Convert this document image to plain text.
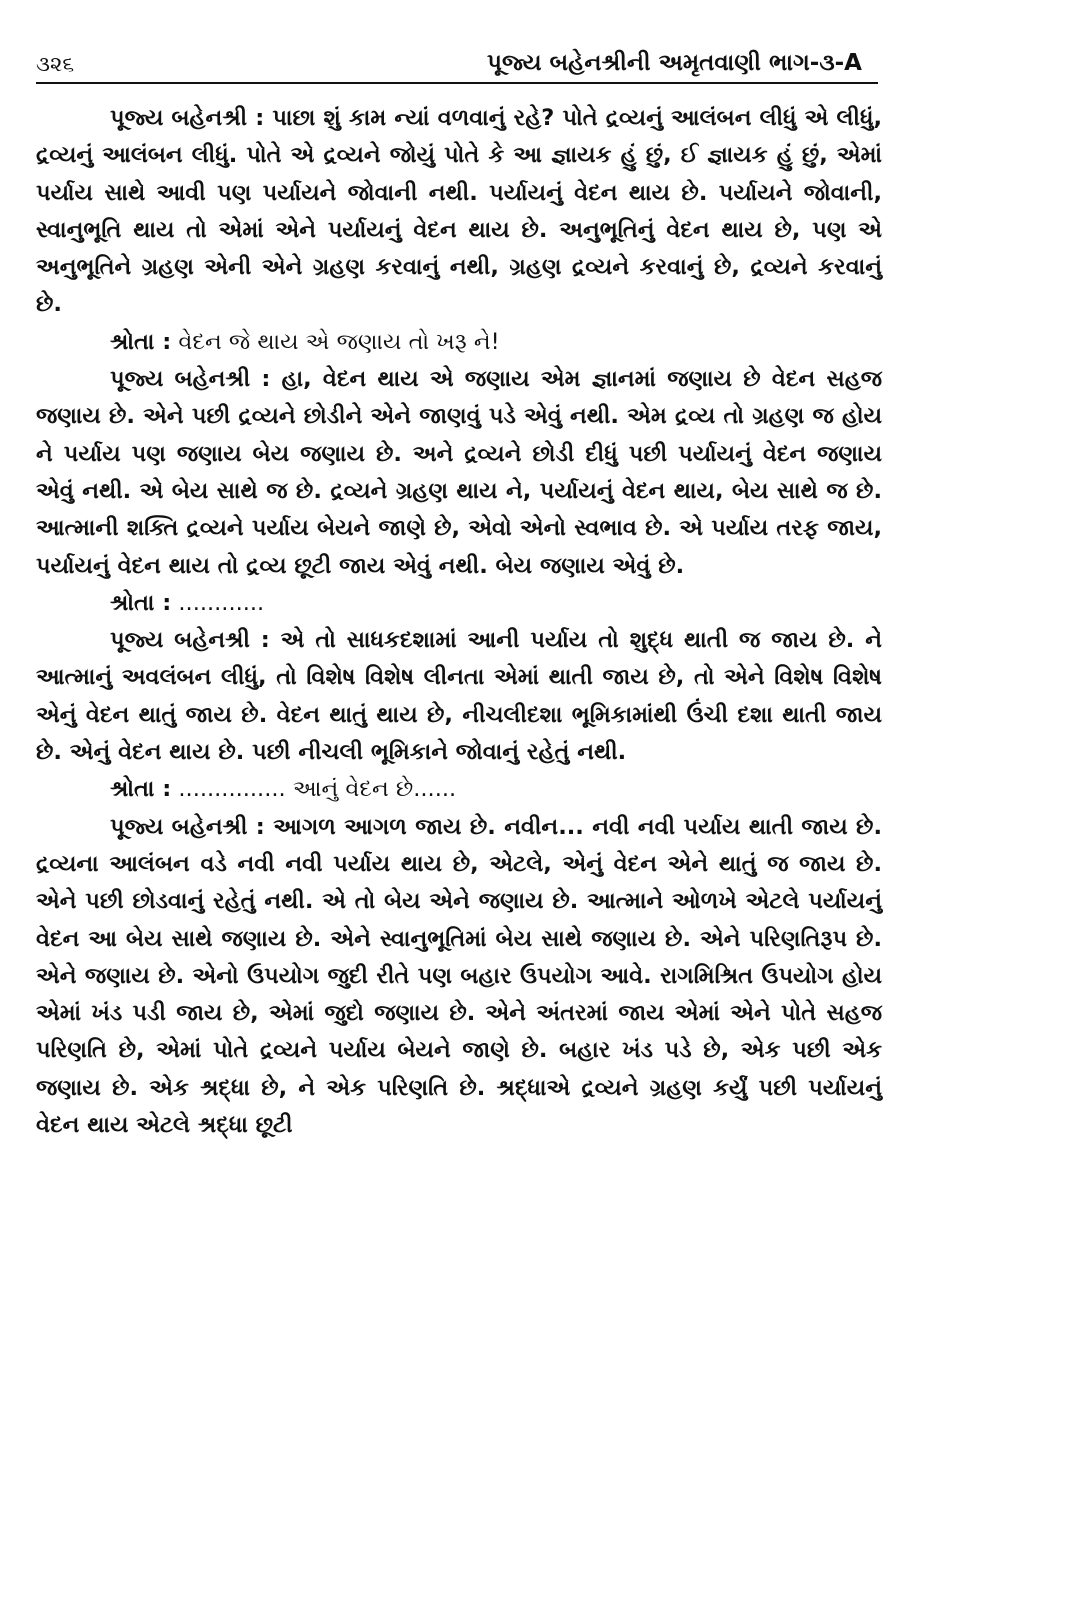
૩૨૬	પૂજ્ય બહેનશ્રીની અમૃતવાણી ભાગ-૩-A

પૂજ્ય બહેનશ્રી : પાછા શું કામ ન્યાં વળવાનું રહે? પોતે દ્રવ્યનું આલંબન લીધું એ લીધું, દ્રવ્યનું આલંબન લીધું. પોતે એ દ્રવ્યને જોયું પોતે કે આ જ્ઞાયક હું છું, ઈ જ્ઞાયક હું છું, એમાં પર્યાય સાથે આવી પણ પર્યાયને જોવાની નથી. પર્યાયનું વેદન થાય છે. પર્યાયને જોવાની, સ્વાનુભૂતિ થાય તો એમાં એને પર્યાયનું વેદન થાય છે. અનુભૂતિનું વેદન થાય છે, પણ એ અનુભૂતિને ગ્રહણ એની એને ગ્રહણ કરવાનું નથી, ગ્રહણ દ્રવ્યને કરવાનું છે, દ્રવ્યને કરવાનું છે.

શ્રોતા : વેદન જે થાય એ જણાય તો ખરૂ ને!

પૂજ્ય બહેનશ્રી : હા, વેદન થાય એ જણાય એમ જ્ઞાનમાં જણાય છે વેદન સહજ જણાય છે. એને પછી દ્રવ્યને છોડીને એને જાણવું પડે એવું નથી. એમ દ્રવ્ય તો ગ્રહણ જ હોય ને પર્યાય પણ જણાય બેય જણાય છે. અને દ્રવ્યને છોડી દીધું પછી પર્યાયનું વેદન જણાય એવું નથી. એ બેય સાથે જ છે. દ્રવ્યને ગ્રહણ થાય ને, પર્યાયનું વેદન થાય, બેય સાથે જ છે. આત્માની શક્તિ દ્રવ્યને પર્યાય બેયને જાણે છે, એવો એનો સ્વભાવ છે. એ પર્યાય તરફ જાય, પર્યાયનું વેદન થાય તો દ્રવ્ય છૂટી જાય એવું નથી. બેય જણાય એવું છે.

શ્રોતા : ............

પૂજ્ય બહેનશ્રી : એ તો સાધકદશામાં આની પર્યાય તો શુદ્ધ થાતી જ જાય છે. ને આત્માનું અવલંબન લીધું, તો વિશેષ વિશેષ લીનતા એમાં થાતી જાય છે, તો એને વિશેષ વિશેષ એનું વેદન થાતું જાય છે. વેદન થાતું થાય છે, નીચલીદશા ભૂમિકામાંથી ઉંચી દશા થાતી જાય છે. એનું વેદન થાય છે. પછી નીચલી ભૂમિકાને જોવાનું રહેતું નથી.

શ્રોતા : ............... આનું વેદન છે......

પૂજ્ય બહેનશ્રી : આગળ આગળ જાય છે. નવીન... નવી નવી પર્યાય થાતી જાય છે. દ્રવ્યના આલંબન વડે નવી નવી પર્યાય થાય છે, એટલે, એનું વેદન એને થાતું જ જાય છે. એને પછી છોડવાનું રહેતું નથી. એ તો બેય એને જણાય છે. આત્માને ઓળખે એટલે પર્યાયનું વેદન આ બેય સાથે જણાય છે. એને સ્વાનુભૂતિમાં બેય સાથે જણાય છે. એને પરિણતિરૂપ છે. એને જણાય છે. એનો ઉપયોગ જુદી રીતે પણ બહાર ઉપયોગ આવે. રાગમિશ્રિત ઉપયોગ હોય એમાં ખંડ પડી જાય છે, એમાં જુદો જણાય છે. એને અંતરમાં જાય એમાં એને પોતે સહજ પરિણતિ છે, એમાં પોતે દ્રવ્યને પર્યાય બેયને જાણે છે. બહાર ખંડ પડે છે, એક પછી એક જણાય છે. એક શ્રદ્ધા છે, ને એક પરિણતિ છે. શ્રદ્ધાએ દ્રવ્યને ગ્રહણ કર્યું પછી પર્યાયનું વેદન થાય એટલે શ્રદ્ધા છૂટી
